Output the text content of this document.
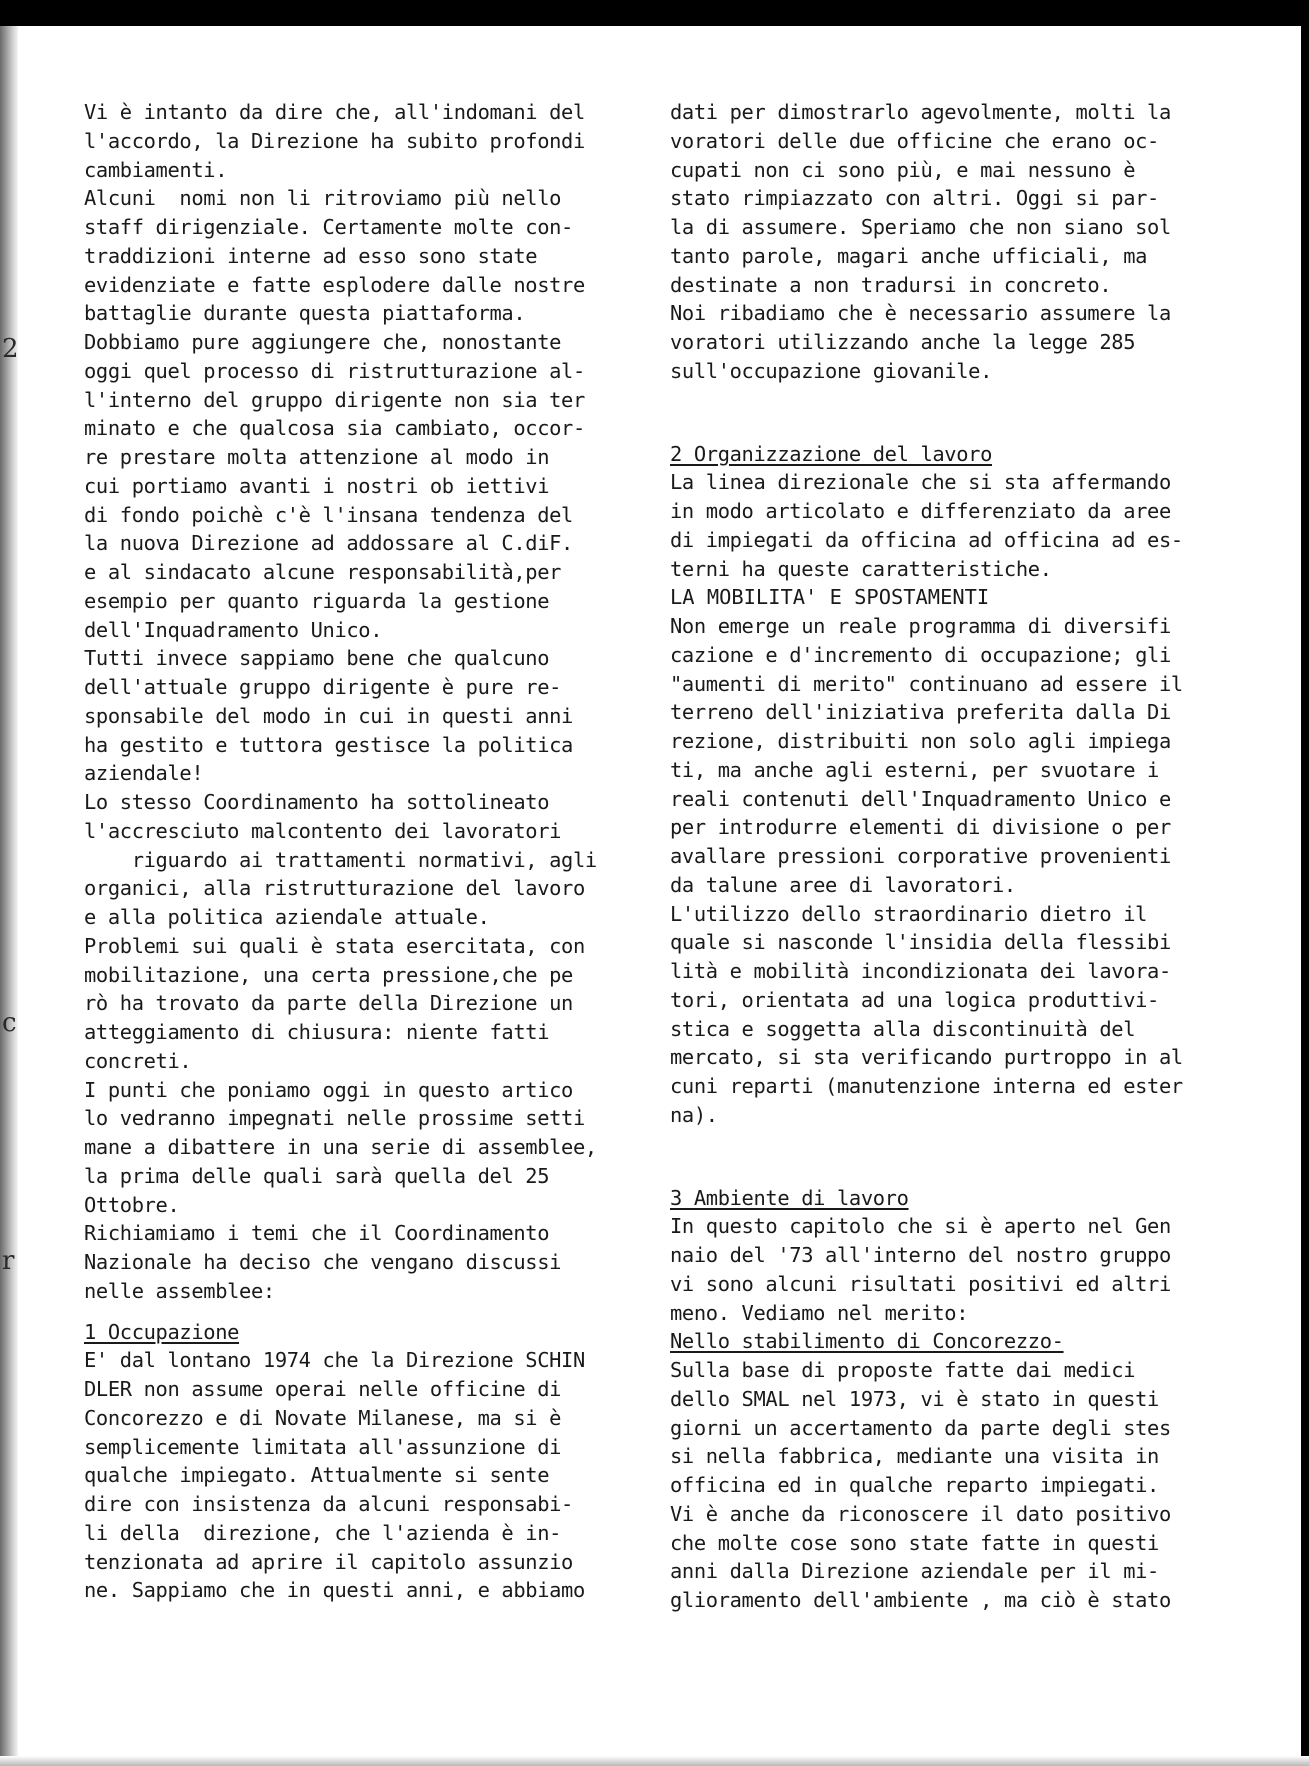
2
c
r
Vi è intanto da dire che, all'indomani del
l'accordo, la Direzione ha subito profondi
cambiamenti.
Alcuni  nomi non li ritroviamo più nello
staff dirigenziale. Certamente molte con-
traddizioni interne ad esso sono state
evidenziate e fatte esplodere dalle nostre
battaglie durante questa piattaforma.
Dobbiamo pure aggiungere che, nonostante
oggi quel processo di ristrutturazione al-
l'interno del gruppo dirigente non sia ter
minato e che qualcosa sia cambiato, occor-
re prestare molta attenzione al modo in
cui portiamo avanti i nostri ob iettivi
di fondo poichè c'è l'insana tendenza del
la nuova Direzione ad addossare al C.diF.
e al sindacato alcune responsabilità,per
esempio per quanto riguarda la gestione
dell'Inquadramento Unico.
Tutti invece sappiamo bene che qualcuno
dell'attuale gruppo dirigente è pure re-
sponsabile del modo in cui in questi anni
ha gestito e tuttora gestisce la politica
aziendale!
Lo stesso Coordinamento ha sottolineato
l'accresciuto malcontento dei lavoratori
riguardo ai trattamenti normativi, agli
organici, alla ristrutturazione del lavoro
e alla politica aziendale attuale.
Problemi sui quali è stata esercitata, con
mobilitazione, una certa pressione,che pe
rò ha trovato da parte della Direzione un
atteggiamento di chiusura: niente fatti
concreti.
I punti che poniamo oggi in questo artico
lo vedranno impegnati nelle prossime setti
mane a dibattere in una serie di assemblee,
la prima delle quali sarà quella del 25
Ottobre.
Richiamiamo i temi che il Coordinamento
Nazionale ha deciso che vengano discussi
nelle assemblee:
1 Occupazione
E' dal lontano 1974 che la Direzione SCHIN
DLER non assume operai nelle officine di
Concorezzo e di Novate Milanese, ma si è
semplicemente limitata all'assunzione di
qualche impiegato. Attualmente si sente
dire con insistenza da alcuni responsabi-
li della  direzione, che l'azienda è in-
tenzionata ad aprire il capitolo assunzio
ne. Sappiamo che in questi anni, e abbiamo
dati per dimostrarlo agevolmente, molti la
voratori delle due officine che erano oc-
cupati non ci sono più, e mai nessuno è
stato rimpiazzato con altri. Oggi si par-
la di assumere. Speriamo che non siano sol
tanto parole, magari anche ufficiali, ma
destinate a non tradursi in concreto.
Noi ribadiamo che è necessario assumere la
voratori utilizzando anche la legge 285
sull'occupazione giovanile.
2 Organizzazione del lavoro
La linea direzionale che si sta affermando
in modo articolato e differenziato da aree
di impiegati da officina ad officina ad es-
terni ha queste caratteristiche.
LA MOBILITA' E SPOSTAMENTI
Non emerge un reale programma di diversifi
cazione e d'incremento di occupazione; gli
"aumenti di merito" continuano ad essere il
terreno dell'iniziativa preferita dalla Di
rezione, distribuiti non solo agli impiega
ti, ma anche agli esterni, per svuotare i
reali contenuti dell'Inquadramento Unico e
per introdurre elementi di divisione o per
avallare pressioni corporative provenienti
da talune aree di lavoratori.
L'utilizzo dello straordinario dietro il
quale si nasconde l'insidia della flessibi
lità e mobilità incondizionata dei lavora-
tori, orientata ad una logica produttivi-
stica e soggetta alla discontinuità del
mercato, si sta verificando purtroppo in al
cuni reparti (manutenzione interna ed ester
na).
3 Ambiente di lavoro
In questo capitolo che si è aperto nel Gen
naio del '73 all'interno del nostro gruppo
vi sono alcuni risultati positivi ed altri
meno. Vediamo nel merito:
Nello stabilimento di Concorezzo-
Sulla base di proposte fatte dai medici
dello SMAL nel 1973, vi è stato in questi
giorni un accertamento da parte degli stes
si nella fabbrica, mediante una visita in
officina ed in qualche reparto impiegati.
Vi è anche da riconoscere il dato positivo
che molte cose sono state fatte in questi
anni dalla Direzione aziendale per il mi-
glioramento dell'ambiente , ma ciò è stato
